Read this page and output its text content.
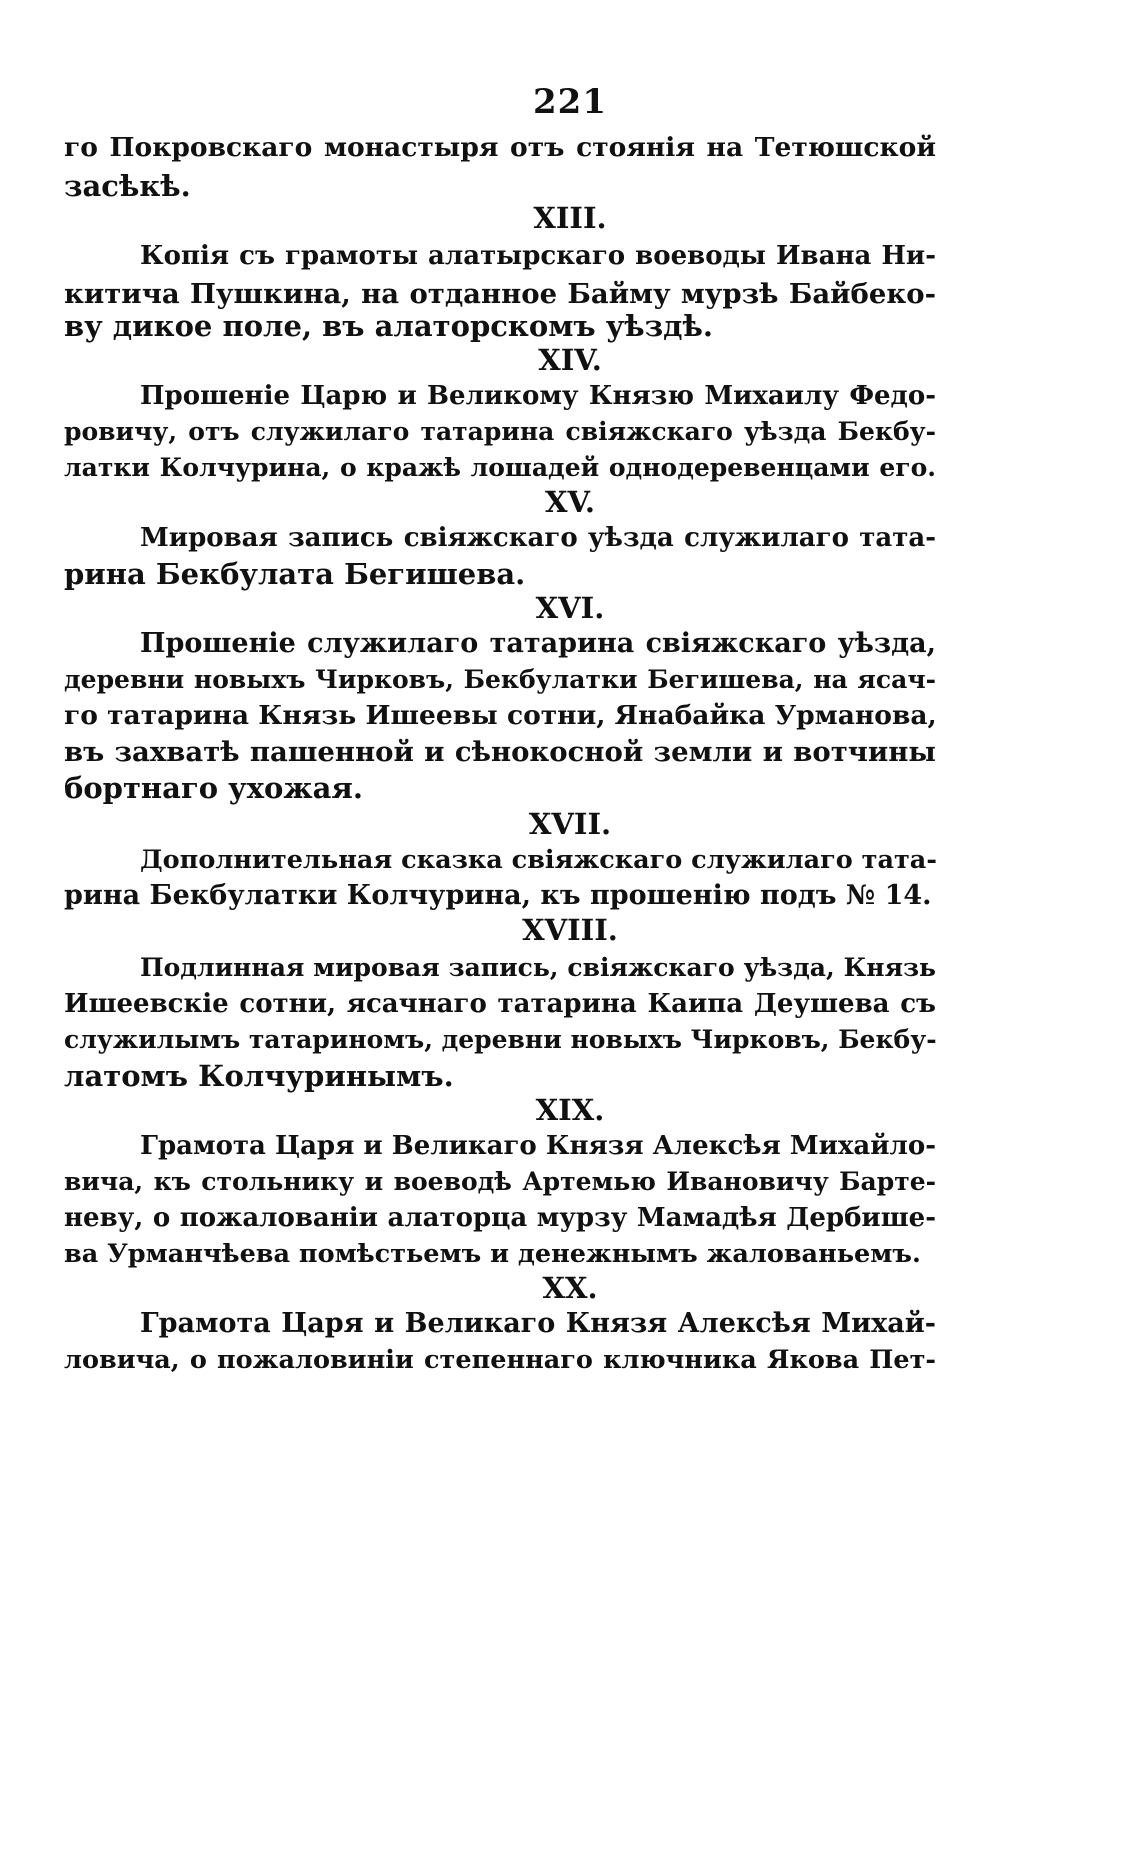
221
го Покровскаго монастыря отъ стоянія на Тетюшской
засѣкѣ.
XIII.
Копія съ грамоты алатырскаго воеводы Ивана Ни-
китича Пушкина, на отданное Байму мурзѣ Байбеко-
ву дикое поле, въ алаторскомъ уѣздѣ.
XIV.
Прошеніе Царю и Великому Князю Михаилу Федо-
ровичу, отъ служилаго татарина свіяжскаго уѣзда Бекбу-
латки Колчурина, о кражѣ лошадей однодеревенцами его.
XV.
Мировая запись свіяжскаго уѣзда служилаго тата-
рина Бекбулата Бегишева.
XVI.
Прошеніе служилаго татарина свіяжскаго уѣзда,
деревни новыхъ Чирковъ, Бекбулатки Бегишева, на ясач-
го татарина Князь Ишеевы сотни, Янабайка Урманова,
въ захватѣ пашенной и сѣнокосной земли и вотчины
бортнаго ухожая.
XVII.
Дополнительная сказка свіяжскаго служилаго тата-
рина Бекбулатки Колчурина, къ прошенію подъ № 14.
XVIII.
Подлинная мировая запись, свіяжскаго уѣзда, Князь
Ишеевскіе сотни, ясачнаго татарина Каипа Деушева съ
служилымъ татариномъ, деревни новыхъ Чирковъ, Бекбу-
латомъ Колчуринымъ.
XIX.
Грамота Царя и Великаго Князя Алексѣя Михайло-
вича, къ стольнику и воеводѣ Артемью Ивановичу Барте-
неву, о пожалованіи алаторца мурзу Мамадѣя Дербише-
ва Урманчѣева помѣстьемъ и денежнымъ жалованьемъ.
XX.
Грамота Царя и Великаго Князя Алексѣя Михай-
ловича, о пожаловиніи степеннаго ключника Якова Пет-
